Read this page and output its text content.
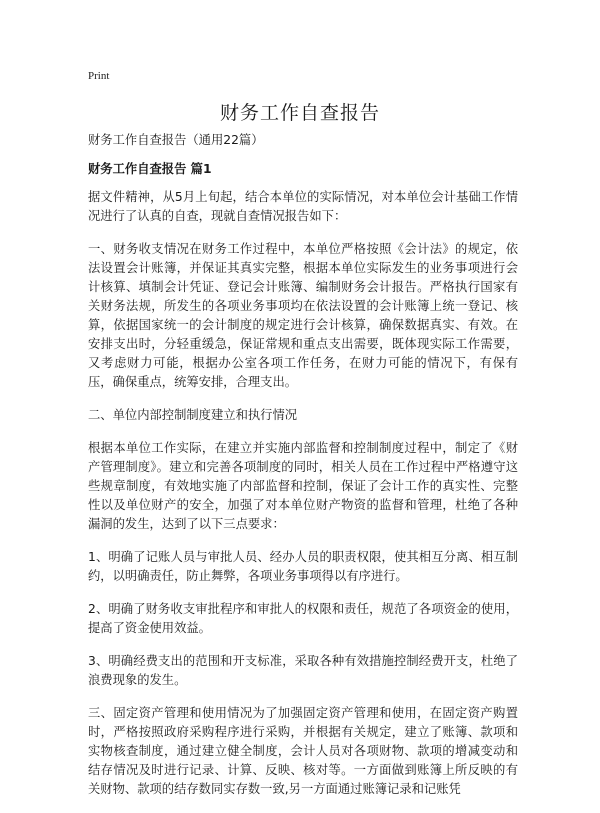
Print
财务工作自查报告

财务工作自查报告（通用22篇）

财务工作自查报告 篇1

据文件精神，从5月上旬起，结合本单位的实际情况，对本单位会计基础工作情况进行了认真的自查，现就自查情况报告如下：

一、财务收支情况在财务工作过程中，本单位严格按照《会计法》的规定，依法设置会计账簿，并保证其真实完整，根据本单位实际发生的业务事项进行会计核算、填制会计凭证、登记会计账簿、编制财务会计报告。严格执行国家有关财务法规，所发生的各项业务事项均在依法设置的会计账簿上统一登记、核算，依据国家统一的会计制度的规定进行会计核算，确保数据真实、有效。在安排支出时，分轻重缓急，保证常规和重点支出需要，既体现实际工作需要，又考虑财力可能，根据办公室各项工作任务，在财力可能的情况下，有保有压，确保重点，统筹安排，合理支出。

二、单位内部控制制度建立和执行情况

根据本单位工作实际，在建立并实施内部监督和控制制度过程中，制定了《财产管理制度》。建立和完善各项制度的同时，相关人员在工作过程中严格遵守这些规章制度，有效地实施了内部监督和控制，保证了会计工作的真实性、完整性以及单位财产的安全，加强了对本单位财产物资的监督和管理，杜绝了各种漏洞的发生，达到了以下三点要求：

1、明确了记账人员与审批人员、经办人员的职责权限，使其相互分离、相互制约，以明确责任，防止舞弊，各项业务事项得以有序进行。

2、明确了财务收支审批程序和审批人的权限和责任，规范了各项资金的使用，提高了资金使用效益。

3、明确经费支出的范围和开支标准，采取各种有效措施控制经费开支，杜绝了浪费现象的发生。

三、固定资产管理和使用情况为了加强固定资产管理和使用，在固定资产购置时，严格按照政府采购程序进行采购，并根据有关规定，建立了账簿、款项和实物核查制度，通过建立健全制度，会计人员对各项财物、款项的增减变动和结存情况及时进行记录、计算、反映、核对等。一方面做到账簿上所反映的有关财物、款项的结存数同实存数一致,另一方面通过账簿记录和记账凭
